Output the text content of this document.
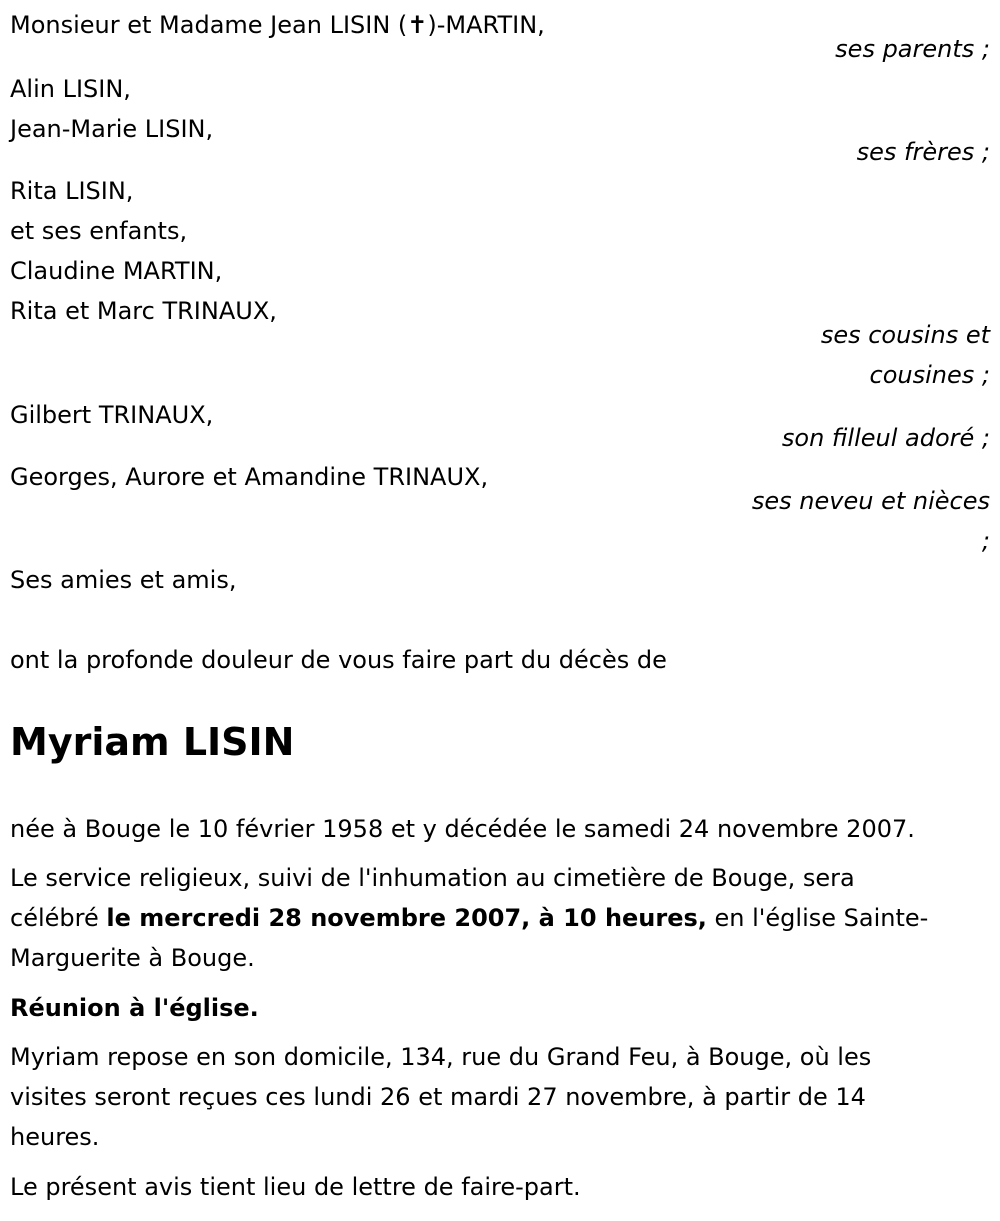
Monsieur et Madame Jean LISIN (✝)-MARTIN,
ses parents ;
Alin LISIN,
Jean-Marie LISIN,
ses frères ;
Rita LISIN,
et ses enfants,
Claudine MARTIN,
Rita et Marc TRINAUX,
ses cousins et
cousines ;
Gilbert TRINAUX,
son filleul adoré ;
Georges, Aurore et Amandine TRINAUX,
ses neveu et nièces
;
Ses amies et amis,
ont la profonde douleur de vous faire part du décès de
Myriam LISIN
née à Bouge le 10 février 1958 et y décédée le samedi 24 novembre 2007.
Le service religieux, suivi de l'inhumation au cimetière de Bouge, sera
célébré le mercredi 28 novembre 2007, à 10 heures, en l'église Sainte-
Marguerite à Bouge.
Réunion à l'église.
Myriam repose en son domicile, 134, rue du Grand Feu, à Bouge, où les
visites seront reçues ces lundi 26 et mardi 27 novembre, à partir de 14
heures.
Le présent avis tient lieu de lettre de faire-part.
